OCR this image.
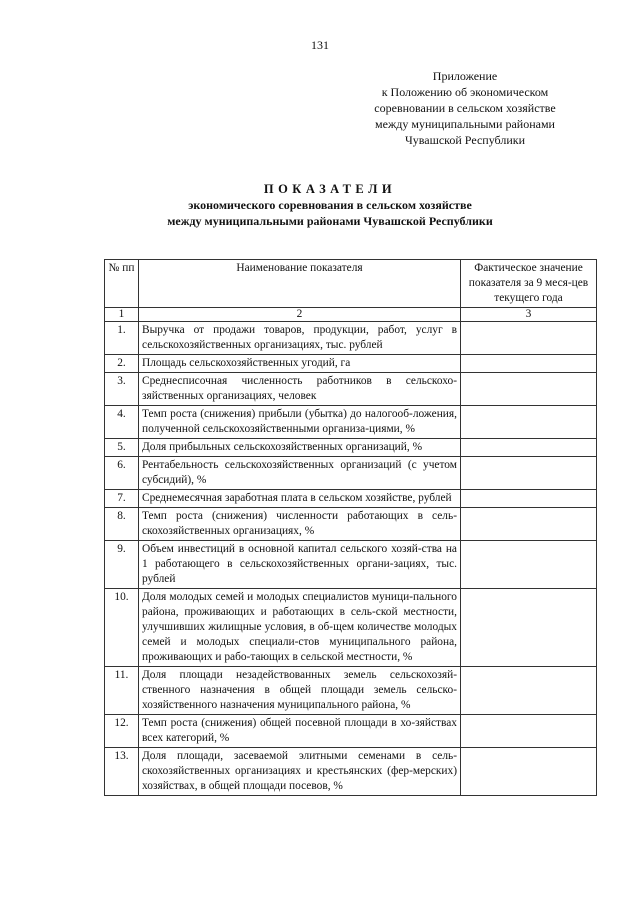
131
Приложение
к Положению об экономическом
соревновании в сельском хозяйстве
между муниципальными районами
Чувашской Республики
ПОКАЗАТЕЛИ
экономического соревнования в сельском хозяйстве
между муниципальными районами Чувашской Республики
№ пп	Наименование показателя	Фактическое значение показателя за 9 меся-цев текущего года
1	2	3
1.	Выручка от продажи товаров, продукции, работ, услуг в сельскохозяйственных организациях, тыс. рублей	
2.	Площадь сельскохозяйственных угодий, га	
3.	Среднесписочная численность работников в сельскохо-зяйственных организациях, человек	
4.	Темп роста (снижения) прибыли (убытка) до налогооб-ложения, полученной сельскохозяйственными организа-циями, %	
5.	Доля прибыльных сельскохозяйственных организаций, %	
6.	Рентабельность сельскохозяйственных организаций (с учетом субсидий), %	
7.	Среднемесячная заработная плата в сельском хозяйстве, рублей	
8.	Темп роста (снижения) численности работающих в сель-скохозяйственных организациях, %	
9.	Объем инвестиций в основной капитал сельского хозяй-ства на 1 работающего в сельскохозяйственных органи-зациях, тыс. рублей	
10.	Доля молодых семей и молодых специалистов муници-пального района, проживающих и работающих в сель-ской местности, улучшивших жилищные условия, в об-щем количестве молодых семей и молодых специали-стов муниципального района, проживающих и рабо-тающих в сельской местности, %	
11.	Доля площади незадействованных земель сельскохозяй-ственного назначения в общей площади земель сельско-хозяйственного назначения муниципального района, %	
12.	Темп роста (снижения) общей посевной площади в хо-зяйствах всех категорий, %	
13.	Доля площади, засеваемой элитными семенами в сель-скохозяйственных организациях и крестьянских (фер-мерских) хозяйствах, в общей площади посевов, %	
